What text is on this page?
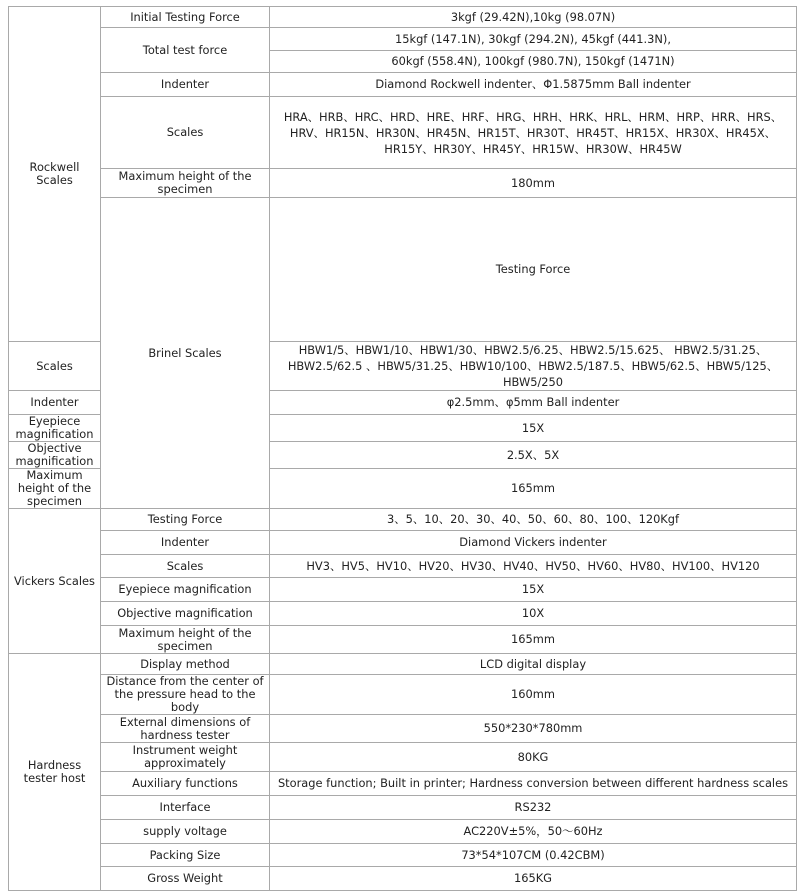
Rockwell Scales	Initial Testing Force	3kgf (29.42N),10kg (98.07N)	
	Total test force	15kgf (147.1N), 30kgf (294.2N), 45kgf (441.3N),	
		60kgf (558.4N), 100kgf (980.7N), 150kgf (1471N)	
	Indenter	Diamond Rockwell indenter、Φ1.5875mm Ball indenter	
	Scales	HRA、HRB、HRC、HRD、HRE、HRF、HRG、HRH、HRK、HRL、HRM、HRP、HRR、HRS、HRV、HR15N、HR30N、HR45N、HR15T、HR30T、HR45T、HR15X、HR30X、HR45X、HR15Y、HR30Y、HR45Y、HR15W、HR30W、HR45W	
	Maximum height of the specimen	180mm	
	Brinel Scales	Testing Force	
Scales		HBW1/5、HBW1/10、HBW1/30、HBW2.5/6.25、HBW2.5/15.625、 HBW2.5/31.25、 HBW2.5/62.5 、HBW5/31.25、HBW10/100、HBW2.5/187.5、HBW5/62.5、HBW5/125、HBW5/250	
Indenter		φ2.5mm、φ5mm Ball indenter	
Eyepiece magnification		15X	
Objective magnification		2.5X、5X	
Maximum height of the specimen		165mm	
Vickers Scales	Testing Force	3、5、10、20、30、40、50、60、80、100、120Kgf	
	Indenter	Diamond Vickers indenter	
	Scales	HV3、HV5、HV10、HV20、HV30、HV40、HV50、HV60、HV80、HV100、HV120	
	Eyepiece magnification	15X	
	Objective magnification	10X	
	Maximum height of the specimen	165mm	
Hardness tester host	Display method	LCD digital display	
	Distance from the center of the pressure head to the body	160mm	
	External dimensions of hardness tester	550*230*780mm	
	Instrument weight approximately	80KG	
	Auxiliary functions	Storage function; Built in printer; Hardness conversion between different hardness scales	
	Interface	RS232	
	supply voltage	AC220V±5%，50～60Hz	
	Packing Size	73*54*107CM (0.42CBM)	
	Gross Weight	165KG	
